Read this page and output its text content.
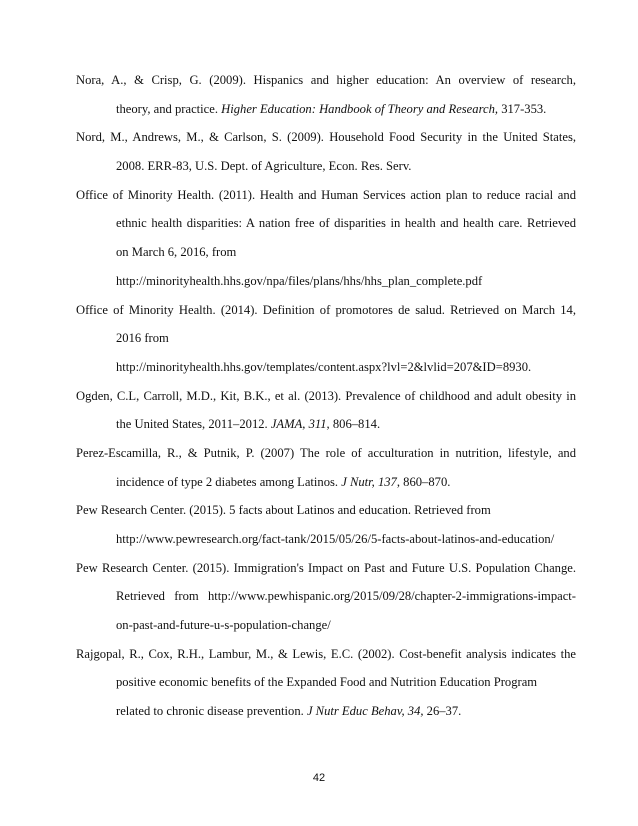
Nora, A., & Crisp, G. (2009). Hispanics and higher education: An overview of research,
theory, and practice. Higher Education: Handbook of Theory and Research, 317-353.
Nord, M., Andrews, M., & Carlson, S. (2009). Household Food Security in the United States,
2008. ERR-83, U.S. Dept. of Agriculture, Econ. Res. Serv.
Office of Minority Health. (2011). Health and Human Services action plan to reduce racial and
ethnic health disparities: A nation free of disparities in health and health care. Retrieved
on March 6, 2016, from
http://minorityhealth.hhs.gov/npa/files/plans/hhs/hhs_plan_complete.pdf
Office of Minority Health. (2014). Definition of promotores de salud. Retrieved on March 14,
2016 from
http://minorityhealth.hhs.gov/templates/content.aspx?lvl=2&lvlid=207&ID=8930.
Ogden, C.L, Carroll, M.D., Kit, B.K., et al. (2013). Prevalence of childhood and adult obesity in
the United States, 2011–2012. JAMA, 311, 806–814.
Perez-Escamilla, R., & Putnik, P. (2007) The role of acculturation in nutrition, lifestyle, and
incidence of type 2 diabetes among Latinos. J Nutr, 137, 860–870.
Pew Research Center. (2015). 5 facts about Latinos and education. Retrieved from
http://www.pewresearch.org/fact-tank/2015/05/26/5-facts-about-latinos-and-education/
Pew Research Center. (2015). Immigration's Impact on Past and Future U.S. Population Change.
Retrieved from http://www.pewhispanic.org/2015/09/28/chapter-2-immigrations-impact-
on-past-and-future-u-s-population-change/
Rajgopal, R., Cox, R.H., Lambur, M., & Lewis, E.C. (2002). Cost-benefit analysis indicates the
positive economic benefits of the Expanded Food and Nutrition Education Program
related to chronic disease prevention. J Nutr Educ Behav, 34, 26–37.
42
